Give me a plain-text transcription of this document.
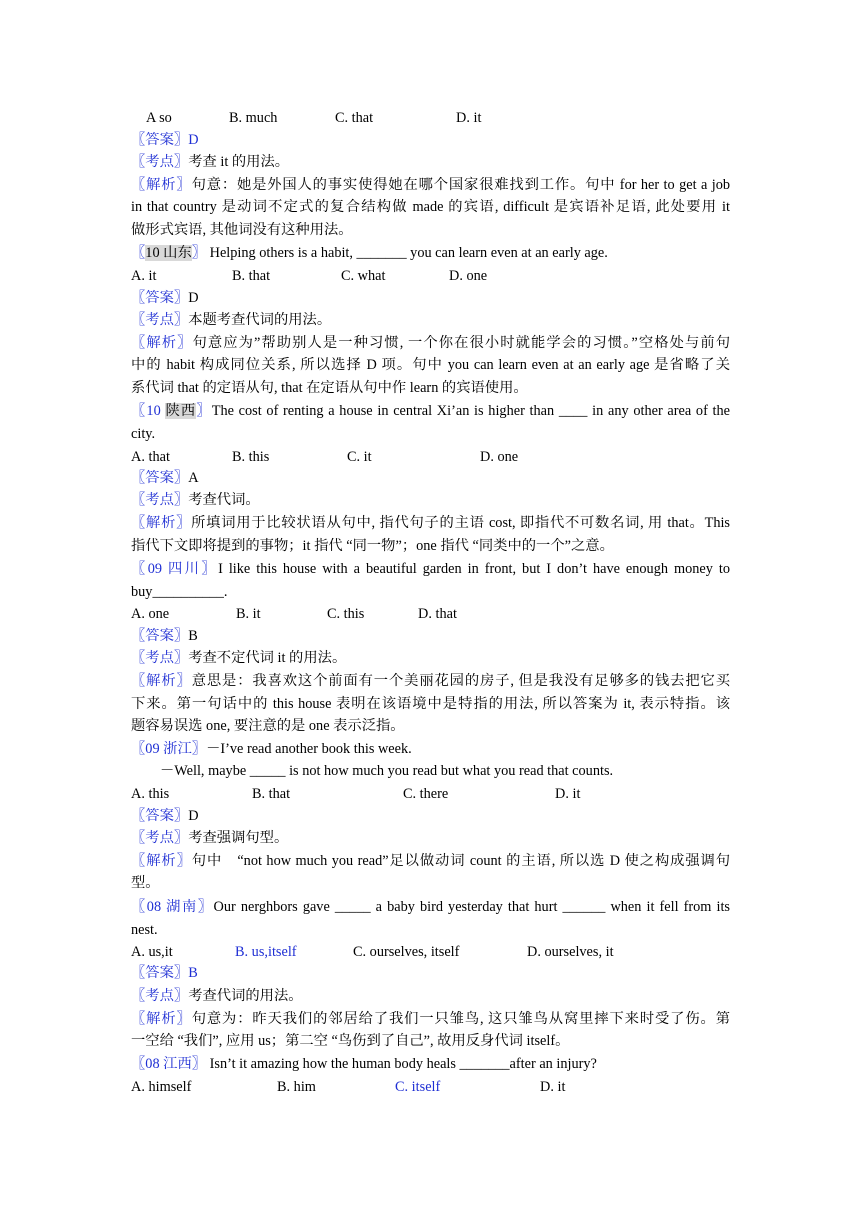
A so	B. much	C. that	D. it
〖答案〗D
〖考点〗考查 it 的用法。
〖解析〗句意：她是外国人的事实使得她在哪个国家很难找到工作。句中 for her to get a job
in that country 是动词不定式的复合结构做 made 的宾语, difficult 是宾语补足语, 此处要用 it
做形式宾语, 其他词没有这种用法。
〖10 山东〗 Helping others is a habit, _______ you can learn even at an early age.
A. it	B. that	C. what	D. one
〖答案〗D
〖考点〗本题考查代词的用法。
〖解析〗句意应为”帮助别人是一种习惯, 一个你在很小时就能学会的习惯。”空格处与前句
中的 habit 构成同位关系, 所以选择 D 项。句中 you can learn even at an early age 是省略了关
系代词 that 的定语从句, that 在定语从句中作 learn 的宾语使用。
〖10 陕西〗The cost of renting a house in central Xi’an is higher than ____ in any other area of the
city.
A. that	B. this	C. it	D. one
〖答案〗A
〖考点〗考查代词。
〖解析〗所填词用于比较状语从句中, 指代句子的主语 cost, 即指代不可数名词, 用 that。This
指代下文即将提到的事物；it 指代 “同一物”；one 指代 “同类中的一个”之意。
〖09 四川〗I like this house with a beautiful garden in front, but I don’t have enough money to
buy__________.
A. one	B. it	C. this	D. that
〖答案〗B
〖考点〗考查不定代词 it 的用法。
〖解析〗意思是：我喜欢这个前面有一个美丽花园的房子, 但是我没有足够多的钱去把它买
下来。第一句话中的 this house 表明在该语境中是特指的用法, 所以答案为 it, 表示特指。该
题容易误选 one, 要注意的是 one 表示泛指。
〖09 浙江〗－I’ve read another book this week.
－Well, maybe _____ is not how much you read but what you read that counts.
A. this	B. that	C. there	D. it
〖答案〗D
〖考点〗考查强调句型。
〖解析〗句中　“not how much you read”足以做动词 count 的主语, 所以选 D 使之构成强调句
型。
〖08 湖南〗Our nerghbors gave _____ a baby bird yesterday that hurt ______ when it fell from its
nest.
A. us,it	B. us,itself	C. ourselves, itself	D. ourselves, it
〖答案〗B
〖考点〗考查代词的用法。
〖解析〗句意为：昨天我们的邻居给了我们一只雏鸟, 这只雏鸟从窝里摔下来时受了伤。第
一空给 “我们”, 应用 us；第二空 “鸟伤到了自己”, 故用反身代词 itself。
〖08 江西〗 Isn’t it amazing how the human body heals _______after an injury?
A. himself	B. him	C. itself	D. it
